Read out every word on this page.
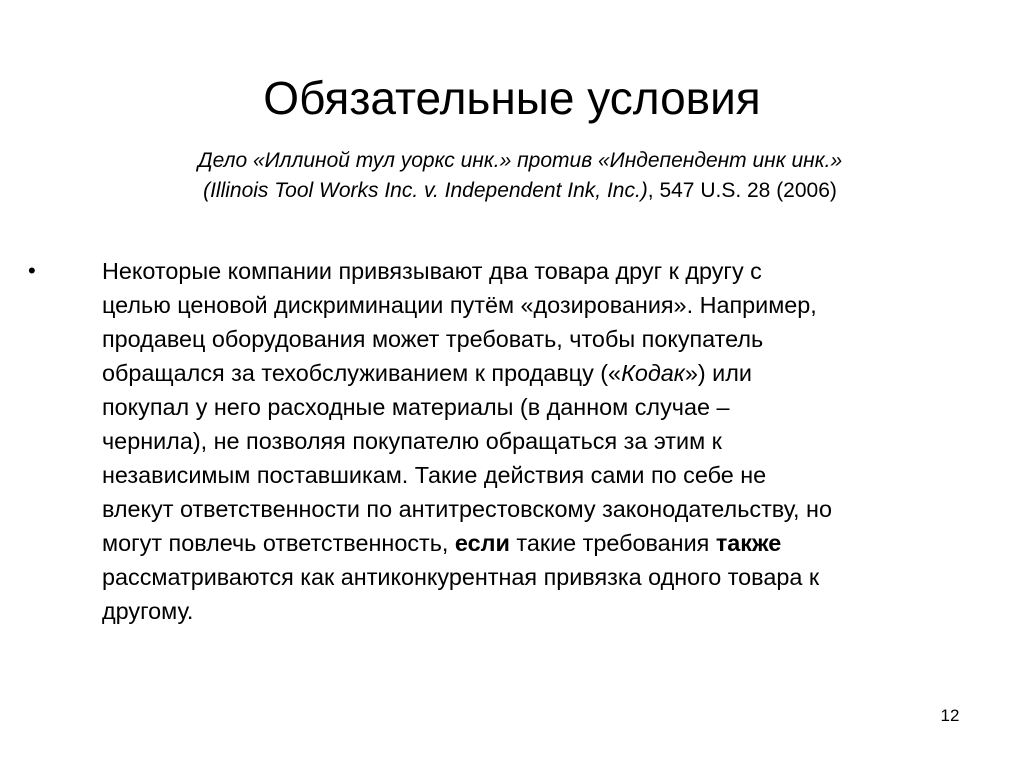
Обязательные условия
Дело «Иллиной тул уоркс инк.» против «Индепендент инк инк.»
(Illinois Tool Works Inc. v. Independent Ink, Inc.), 547 U.S. 28 (2006)
•	Некоторые компании привязывают два товара друг к другу с
целью ценовой дискриминации путём «дозирования». Например,
продавец оборудования может требовать, чтобы покупатель
обращался за техобслуживанием к продавцу («Кодак») или
покупал у него расходные материалы (в данном случае –
чернила), не позволяя покупателю обращаться за этим к
независимым поставшикам. Такие действия сами по себе не
влекут ответственности по антитрестовскому законодательству, но
могут повлечь ответственность, если такие требования также
рассматриваются как антиконкурентная привязка одного товара к
другому.
12
